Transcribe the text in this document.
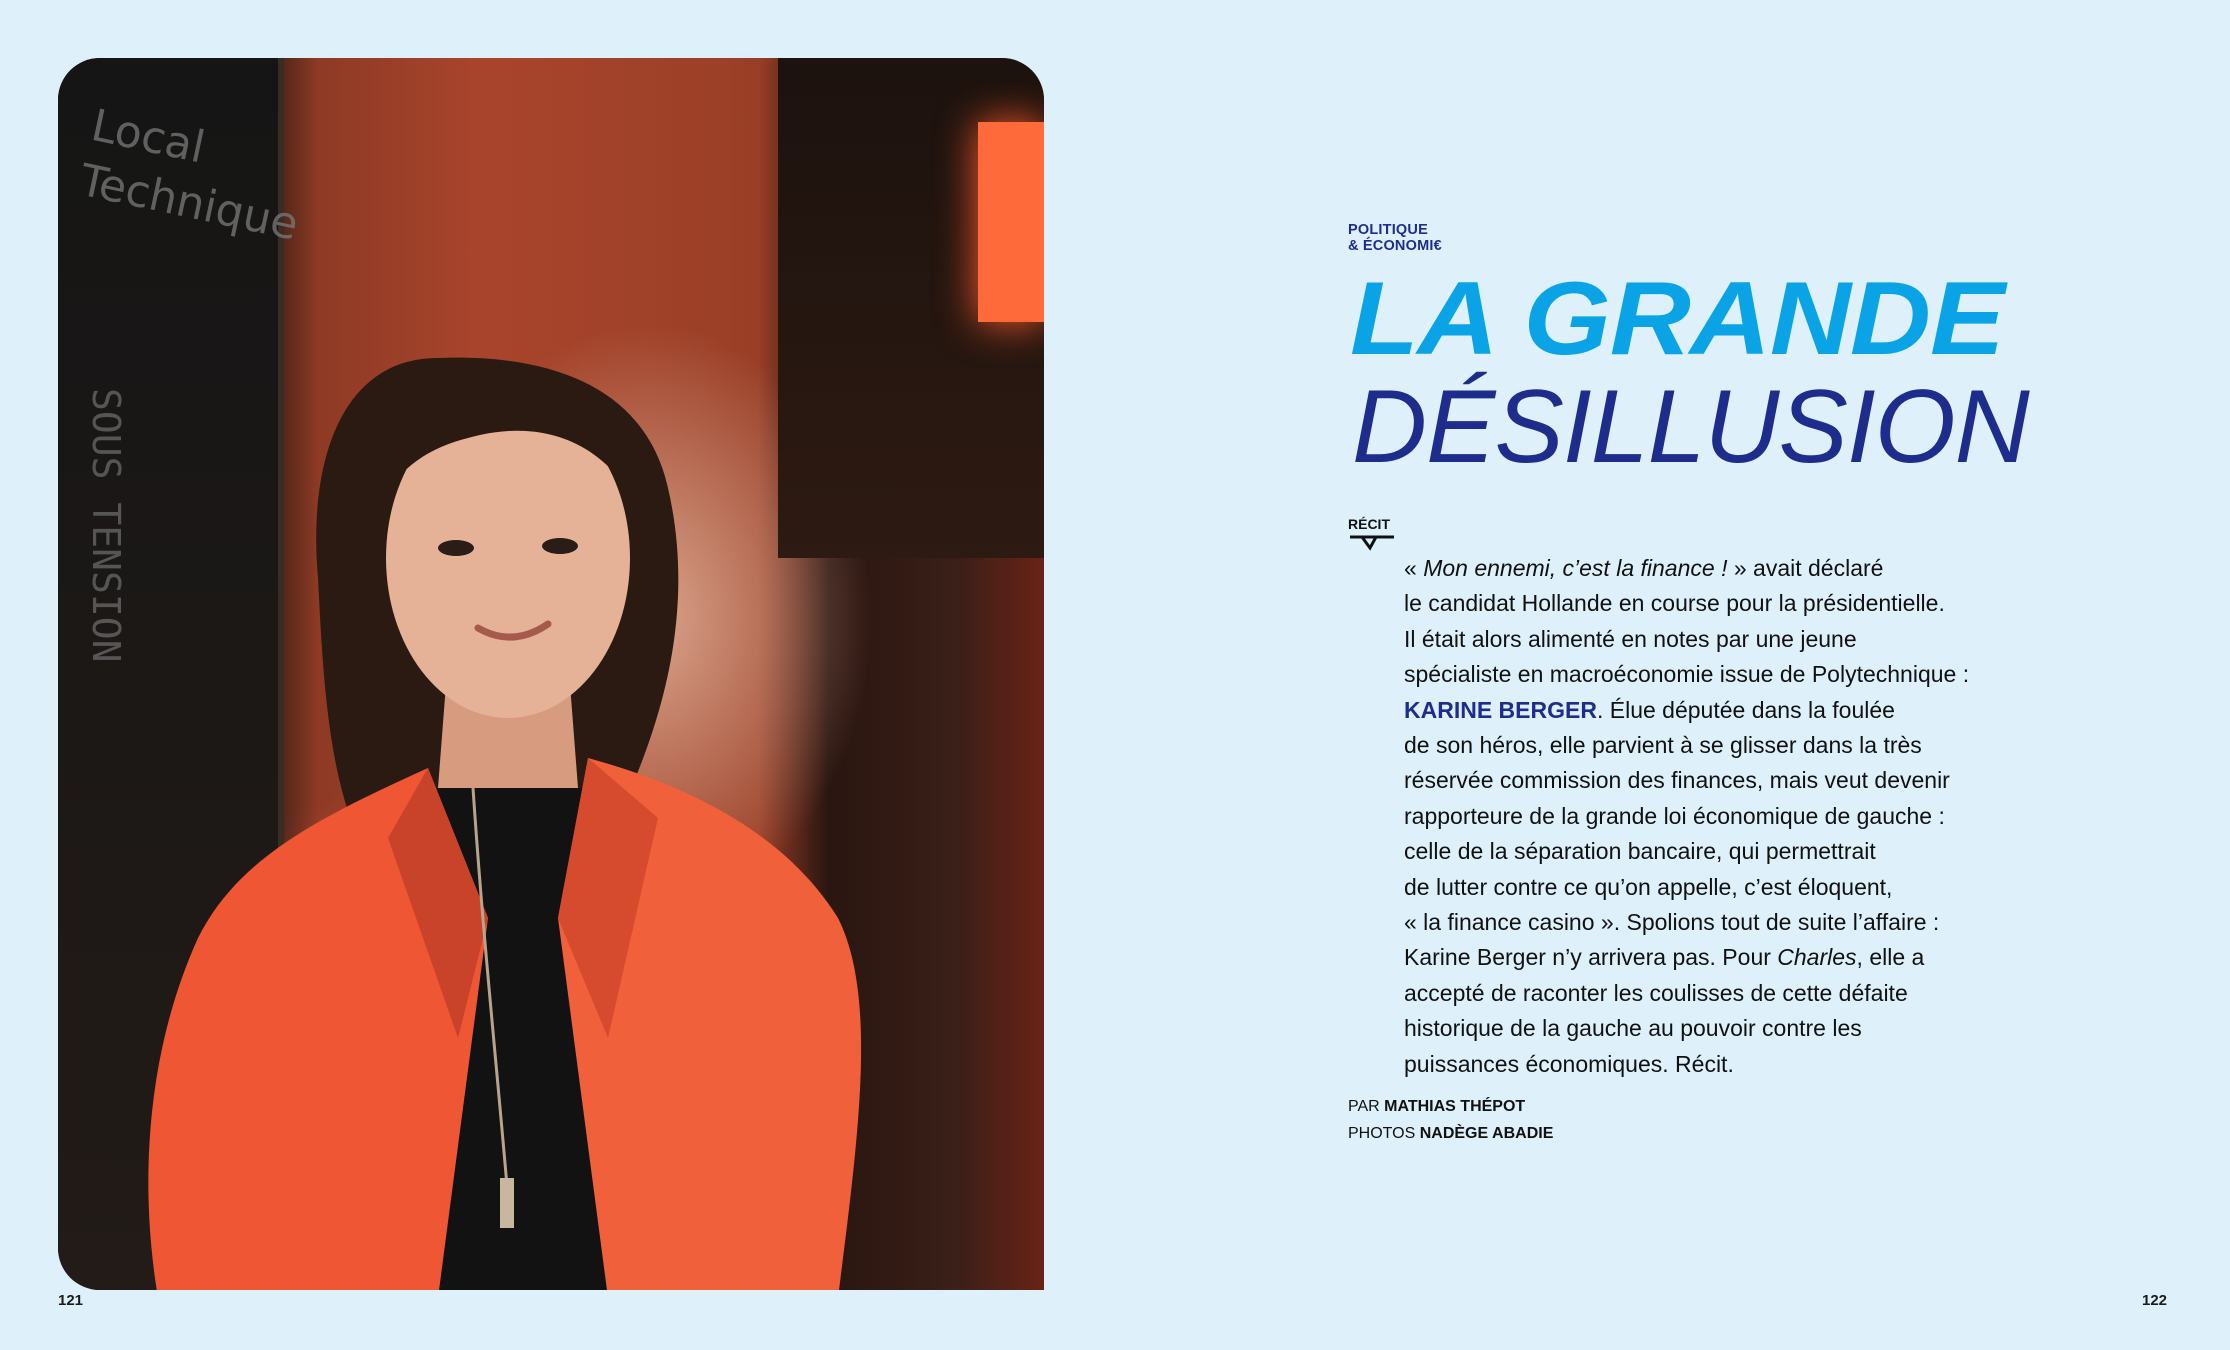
Local
Technique
SOUS TENSION
121	122
POLITIQUE
& ÉCONOMI€
LA GRANDE
DÉSILLUSION
RÉCIT
« Mon ennemi, c’est la finance ! » avait déclaré
le candidat Hollande en course pour la présidentielle.
Il était alors alimenté en notes par une jeune
spécialiste en macroéconomie issue de Polytechnique :
KARINE BERGER. Élue députée dans la foulée
de son héros, elle parvient à se glisser dans la très
réservée commission des finances, mais veut devenir
rapporteure de la grande loi économique de gauche :
celle de la séparation bancaire, qui permettrait
de lutter contre ce qu’on appelle, c’est éloquent,
« la finance casino ». Spolions tout de suite l’affaire :
Karine Berger n’y arrivera pas. Pour Charles, elle a
accepté de raconter les coulisses de cette défaite
historique de la gauche au pouvoir contre les
puissances économiques. Récit.
PAR MATHIAS THÉPOT
PHOTOS NADÈGE ABADIE
